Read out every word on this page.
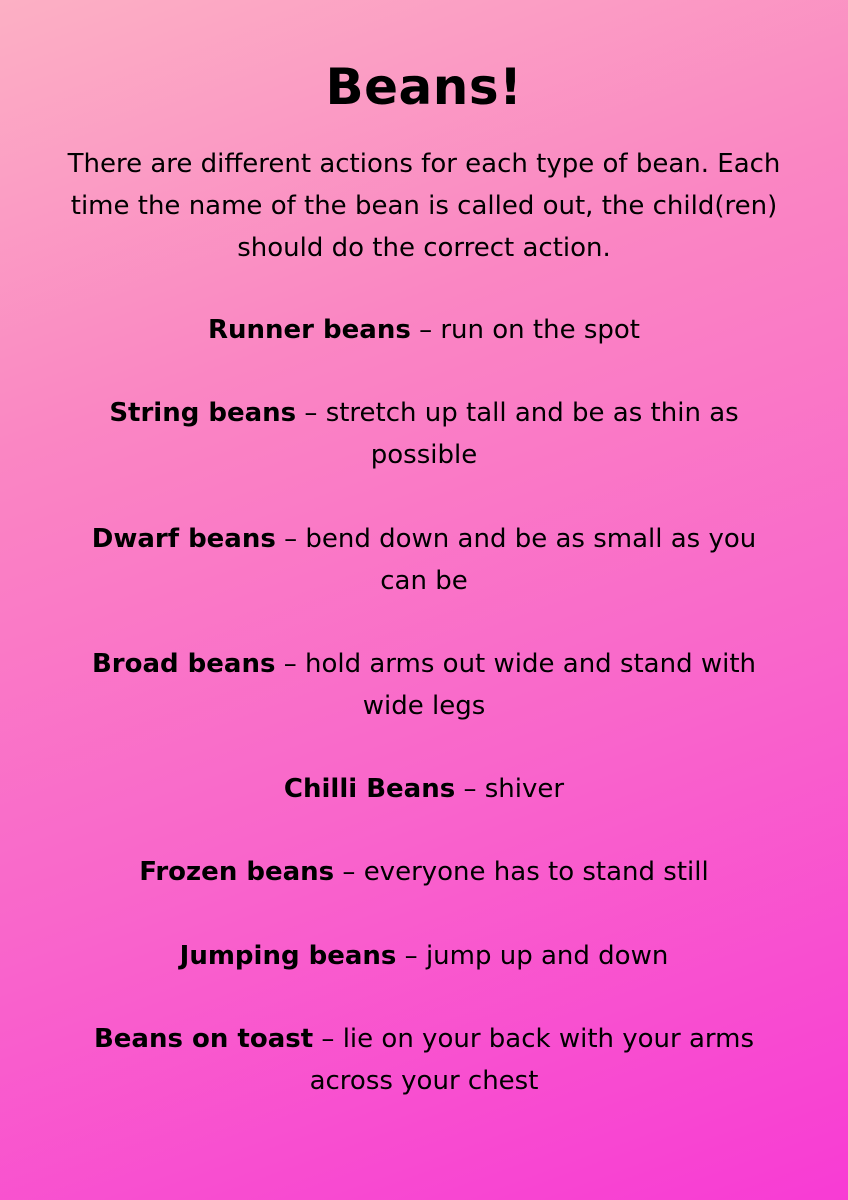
Beans!
There are different actions for each type of bean. Each time the name of the bean is called out, the child(ren) should do the correct action.
Runner beans – run on the spot
String beans – stretch up tall and be as thin as possible
Dwarf beans – bend down and be as small as you can be
Broad beans – hold arms out wide and stand with wide legs
Chilli Beans – shiver
Frozen beans – everyone has to stand still
Jumping beans – jump up and down
Beans on toast – lie on your back with your arms across your chest
